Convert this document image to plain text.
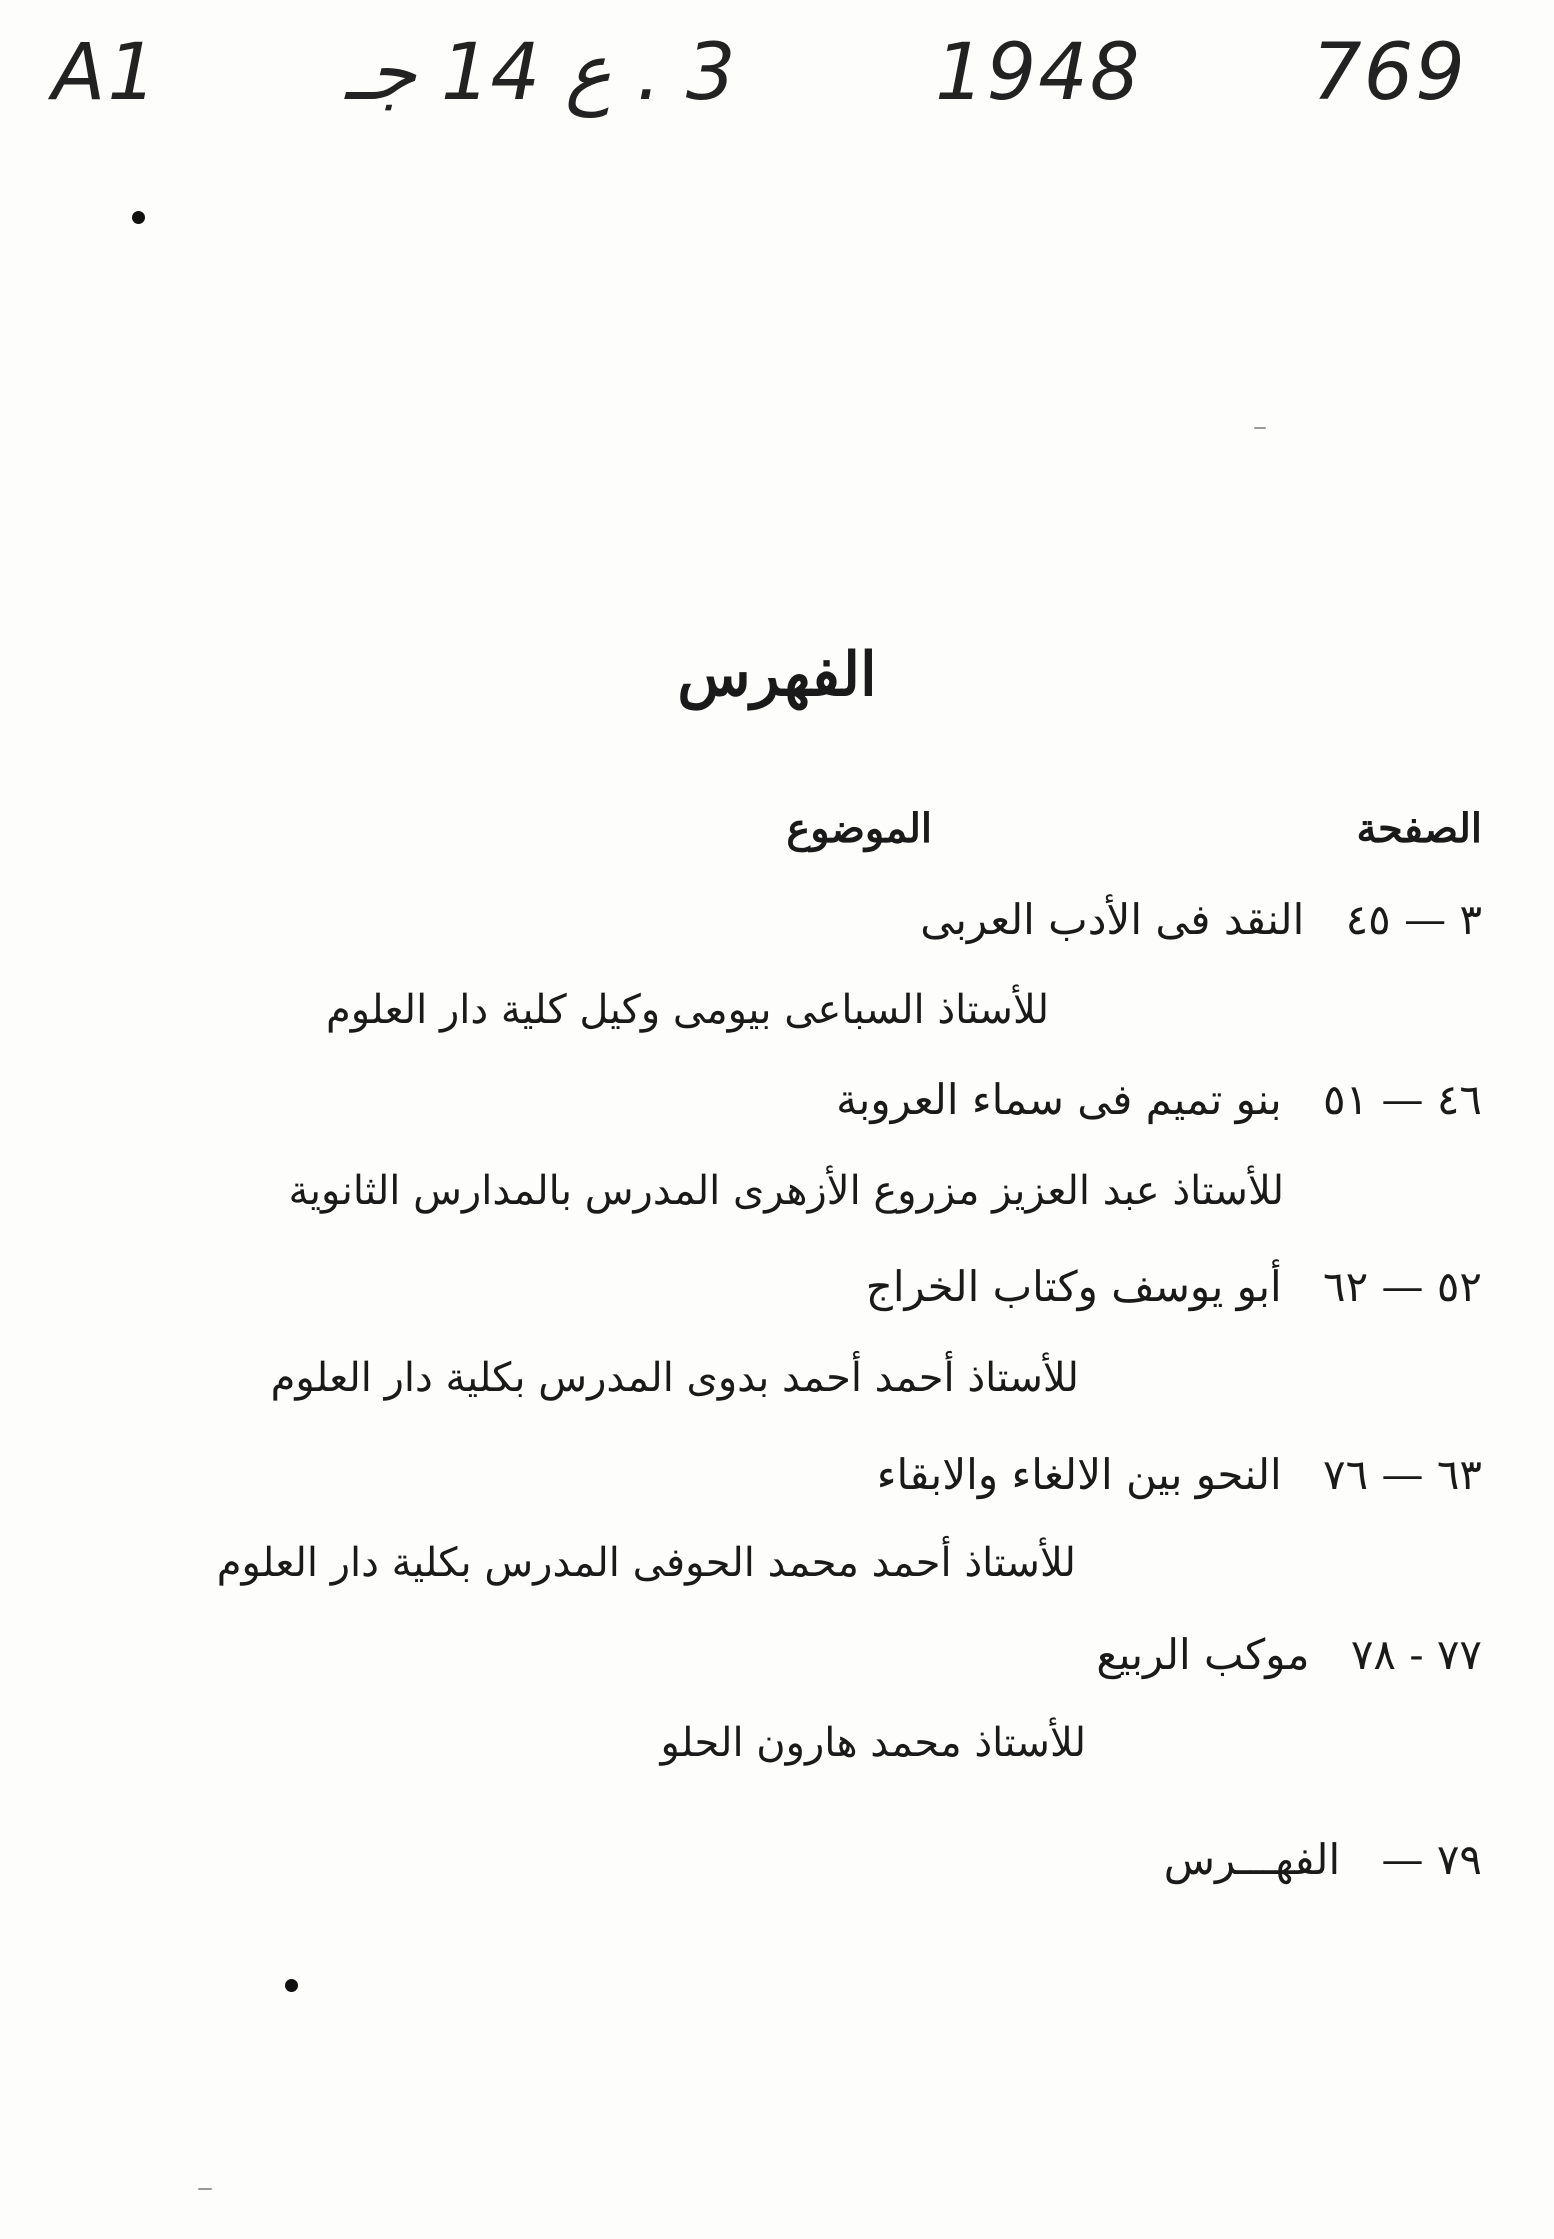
A1 3 . ع 14 جـ	1948 769
الفهرس
الصفحة
الموضوع
٣ — ٤٥ النقد فى الأدب العربى
للأستاذ السباعى بيومى وكيل كلية دار العلوم
٤٦ — ٥١ بنو تميم فى سماء العروبة
للأستاذ عبد العزيز مزروع الأزهرى المدرس بالمدارس الثانوية
٥٢ — ٦٢ أبو يوسف وكتاب الخراج
للأستاذ أحمد أحمد بدوى المدرس بكلية دار العلوم
٦٣ — ٧٦ النحو بين الالغاء والابقاء
للأستاذ أحمد محمد الحوفى المدرس بكلية دار العلوم
٧٧ - ٧٨ موكب الربيع
للأستاذ محمد هارون الحلو
٧٩ — الفهـــرس
